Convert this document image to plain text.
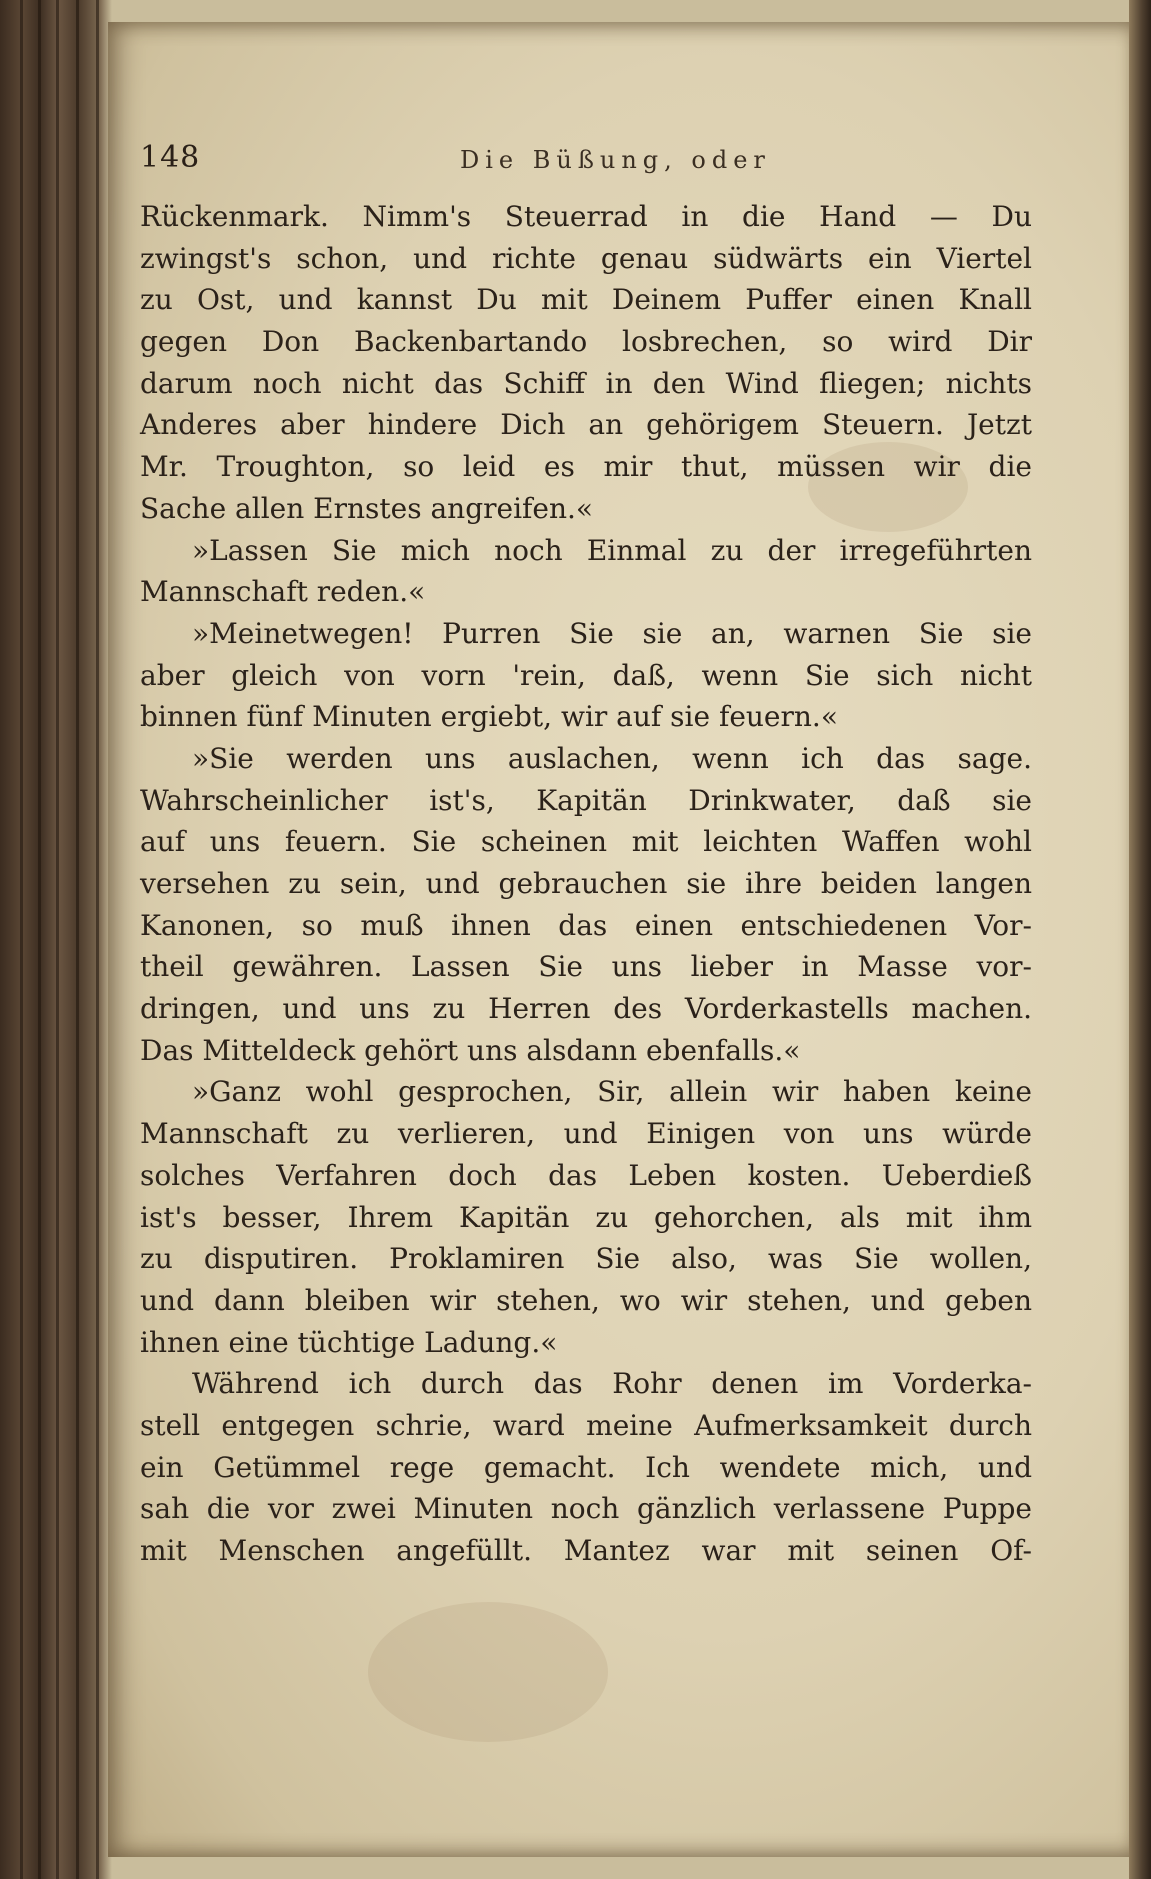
148	Die Büßung, oder
Rückenmark. Nimm's Steuerrad in die Hand — Du
zwingst's schon, und richte genau südwärts ein Viertel
zu Ost, und kannst Du mit Deinem Puffer einen Knall
gegen Don Backenbartando losbrechen, so wird Dir
darum noch nicht das Schiff in den Wind fliegen; nichts
Anderes aber hindere Dich an gehörigem Steuern. Jetzt
Mr. Troughton, so leid es mir thut, müssen wir die
Sache allen Ernstes angreifen.«
»Lassen Sie mich noch Einmal zu der irregeführten
Mannschaft reden.«
»Meinetwegen! Purren Sie sie an, warnen Sie sie
aber gleich von vorn 'rein, daß, wenn Sie sich nicht
binnen fünf Minuten ergiebt, wir auf sie feuern.«
»Sie werden uns auslachen, wenn ich das sage.
Wahrscheinlicher ist's, Kapitän Drinkwater, daß sie
auf uns feuern. Sie scheinen mit leichten Waffen wohl
versehen zu sein, und gebrauchen sie ihre beiden langen
Kanonen, so muß ihnen das einen entschiedenen Vor-
theil gewähren. Lassen Sie uns lieber in Masse vor-
dringen, und uns zu Herren des Vorderkastells machen.
Das Mitteldeck gehört uns alsdann ebenfalls.«
»Ganz wohl gesprochen, Sir, allein wir haben keine
Mannschaft zu verlieren, und Einigen von uns würde
solches Verfahren doch das Leben kosten. Ueberdieß
ist's besser, Ihrem Kapitän zu gehorchen, als mit ihm
zu disputiren. Proklamiren Sie also, was Sie wollen,
und dann bleiben wir stehen, wo wir stehen, und geben
ihnen eine tüchtige Ladung.«
Während ich durch das Rohr denen im Vorderka-
stell entgegen schrie, ward meine Aufmerksamkeit durch
ein Getümmel rege gemacht. Ich wendete mich, und
sah die vor zwei Minuten noch gänzlich verlassene Puppe
mit Menschen angefüllt. Mantez war mit seinen Of-
